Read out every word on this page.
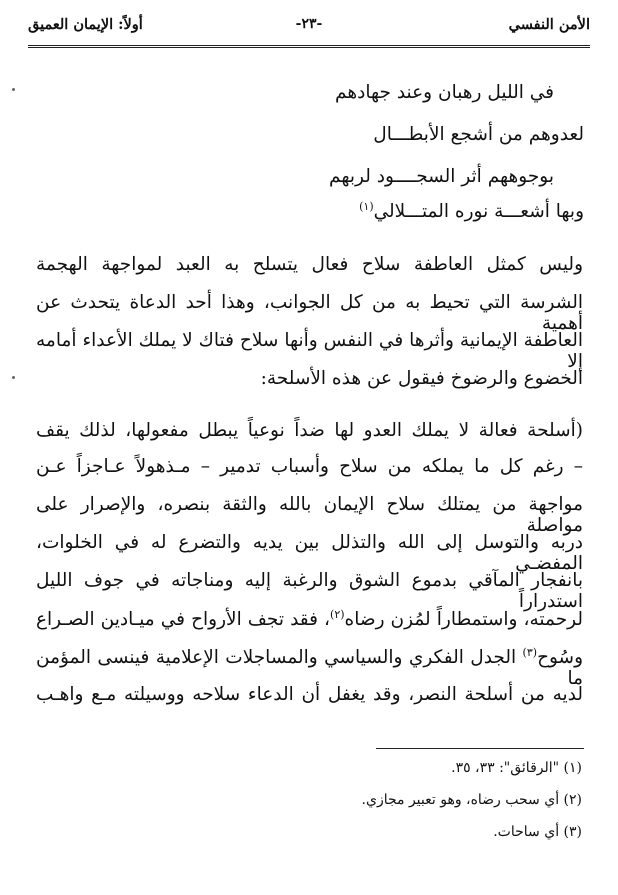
الأمن النفسي
-٢٣-
أولاً: الإيمان العميق
في الليل رهبان وعند جهادهم
لعدوهم من أشجع الأبطـــال
بوجوههم أثر السجــــود لربهم
وبها أشعـــة نوره المتـــلالي$^{(١)}$
وليس كمثل العاطفة سلاح فعال يتسلح به العبد لمواجهة الهجمة
الشرسة التي تحيط به من كل الجوانب، وهذا أحد الدعاة يتحدث عن أهمية
العاطفة الإيمانية وأثرها في النفس وأنها سلاح فتاك لا يملك الأعداء أمامه إلا
الخضوع والرضوخ فيقول عن هذه الأسلحة:
(أسلحة فعالة لا يملك العدو لها ضداً نوعياً يبطل مفعولها، لذلك يقف
– رغم كل ما يملكه من سلاح وأسباب تدمير – مـذهولاً عـاجزاً عـن
مواجهة من يمتلك سلاح الإيمان بالله والثقة بنصره، والإصرار على مواصلة
دربه والتوسل إلى الله والتذلل بين يديه والتضرع له في الخلوات، المفضـي
بانفجار المآقي بدموع الشوق والرغبة إليه ومناجاته في جوف الليل استدراراً
لرحمته، واستمطاراً لمُزن رضاه$^{(٢)}$، فقد تجف الأرواح في ميـادين الصـراع
وسُوح$^{(٣)}$ الجدل الفكري والسياسي والمساجلات الإعلامية فينسى المؤمن ما
لديه من أسلحة النصر، وقد يغفل أن الدعاء سلاحه ووسيلته مـع واهـب
(١) "الرقائق": ٣٣، ٣٥.
(٢) أي سحب رضاه، وهو تعبير مجازي.
(٣) أي ساحات.
